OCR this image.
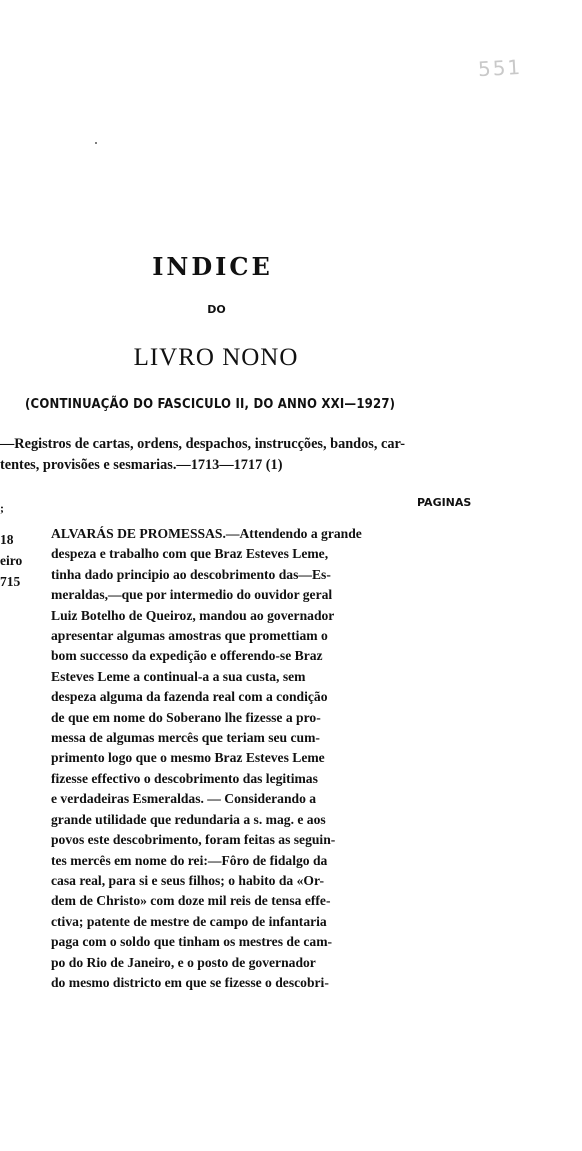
551
INDICE
DO
LIVRO NONO
(CONTINUAÇÃO DO FASCICULO II, DO ANNO XXI—1927)
—Registros de cartas, ordens, despachos, instrucções, bandos, car-
tentes, provisões e sesmarias.—1713—1717 (1)
;	PAGINAS
18
eiro
715
ALVARÁS DE PROMESSAS.—Attendendo a grande
despeza e trabalho com que Braz Esteves Leme,
tinha dado principio ao descobrimento das—Es-
meraldas,—que por intermedio do ouvidor geral
Luiz Botelho de Queiroz, mandou ao governador
apresentar algumas amostras que promettiam o
bom successo da expedição e offerendo-se Braz
Esteves Leme a continual-a a sua custa, sem
despeza alguma da fazenda real com a condição
de que em nome do Soberano lhe fizesse a pro-
messa de algumas mercês que teriam seu cum-
primento logo que o mesmo Braz Esteves Leme
fizesse effectivo o descobrimento das legitimas
e verdadeiras Esmeraldas. — Considerando a
grande utilidade que redundaria a s. mag. e aos
povos este descobrimento, foram feitas as seguin-
tes mercês em nome do rei:—Fôro de fidalgo da
casa real, para si e seus filhos; o habito da «Or-
dem de Christo» com doze mil reis de tensa effe-
ctiva; patente de mestre de campo de infantaria
paga com o soldo que tinham os mestres de cam-
po do Rio de Janeiro, e o posto de governador
do mesmo districto em que se fizesse o descobri-
